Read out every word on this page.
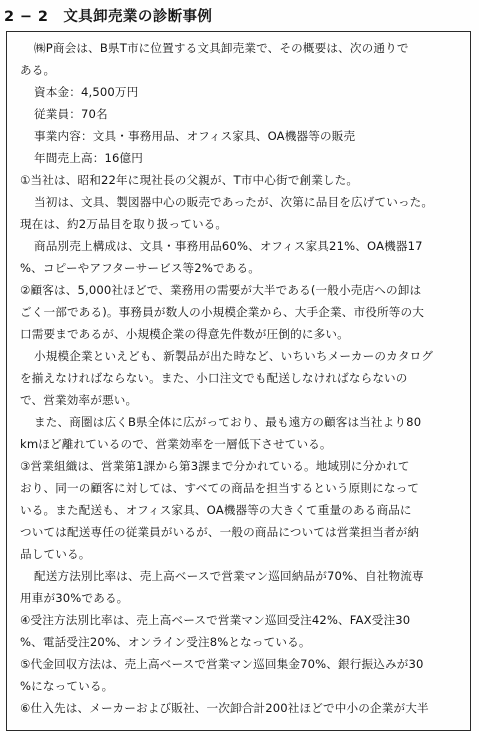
2 − 2　文具卸売業の診断事例
㈱P商会は、B県T市に位置する文具卸売業で、その概要は、次の通りで
ある。
資本金：4,500万円
従業員：70名
事業内容：文具・事務用品、オフィス家具、OA機器等の販売
年間売上高：16億円
①当社は、昭和22年に現社長の父親が、T市中心街で創業した。
当初は、文具、製図器中心の販売であったが、次第に品目を広げていった。
現在は、約2万品目を取り扱っている。
商品別売上構成は、文具・事務用品60%、オフィス家具21%、OA機器17
%、コピーやアフターサービス等2%である。
②顧客は、5,000社ほどで、業務用の需要が大半である(一般小売店への卸は
ごく一部である)。事務員が数人の小規模企業から、大手企業、市役所等の大
口需要まであるが、小規模企業の得意先件数が圧倒的に多い。
小規模企業といえども、新製品が出た時など、いちいちメーカーのカタログ
を揃えなければならない。また、小口注文でも配送しなければならないの
で、営業効率が悪い。
また、商圏は広くB県全体に広がっており、最も遠方の顧客は当社より80
kmほど離れているので、営業効率を一層低下させている。
③営業組織は、営業第1課から第3課まで分かれている。地域別に分かれて
おり、同一の顧客に対しては、すべての商品を担当するという原則になって
いる。また配送も、オフィス家具、OA機器等の大きくて重量のある商品に
ついては配送専任の従業員がいるが、一般の商品については営業担当者が納
品している。
配送方法別比率は、売上高ベースで営業マン巡回納品が70%、自社物流専
用車が30%である。
④受注方法別比率は、売上高ベースで営業マン巡回受注42%、FAX受注30
%、電話受注20%、オンライン受注8%となっている。
⑤代金回収方法は、売上高ベースで営業マン巡回集金70%、銀行振込みが30
%になっている。
⑥仕入先は、メーカーおよび販社、一次卸合計200社ほどで中小の企業が大半
